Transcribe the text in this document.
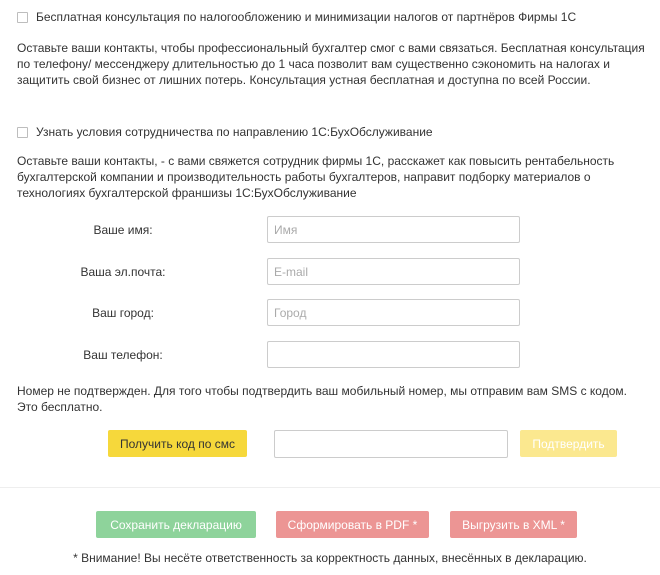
Бесплатная консультация по налогообложению и минимизации налогов от партнёров Фирмы 1С
Оставьте ваши контакты, чтобы профессиональный бухгалтер смог с вами связаться. Бесплатная консультация по телефону/ мессенджеру длительностью до 1 часа позволит вам существенно сэкономить на налогах и защитить свой бизнес от лишних потерь. Консультация устная бесплатная и доступна по всей России.
Узнать условия сотрудничества по направлению 1С:БухОбслуживание
Оставьте ваши контакты, - с вами свяжется сотрудник фирмы 1С, расскажет как повысить рентабельность бухгалтерской компании и производительность работы бухгалтеров, направит подборку материалов о технологиях бухгалтерской франшизы 1С:БухОбслуживание
Ваше имя:
Имя
Ваша эл.почта:
E-mail
Ваш город:
Город
Ваш телефон:
Номер не подтвержден. Для того чтобы подтвердить ваш мобильный номер, мы отправим вам SMS с кодом. Это бесплатно.
Получить код по смс	Подтвердить
Сохранить декларацию	Сформировать в PDF *	Выгрузить в XML *
* Внимание! Вы несёте ответственность за корректность данных, внесённых в декларацию.
